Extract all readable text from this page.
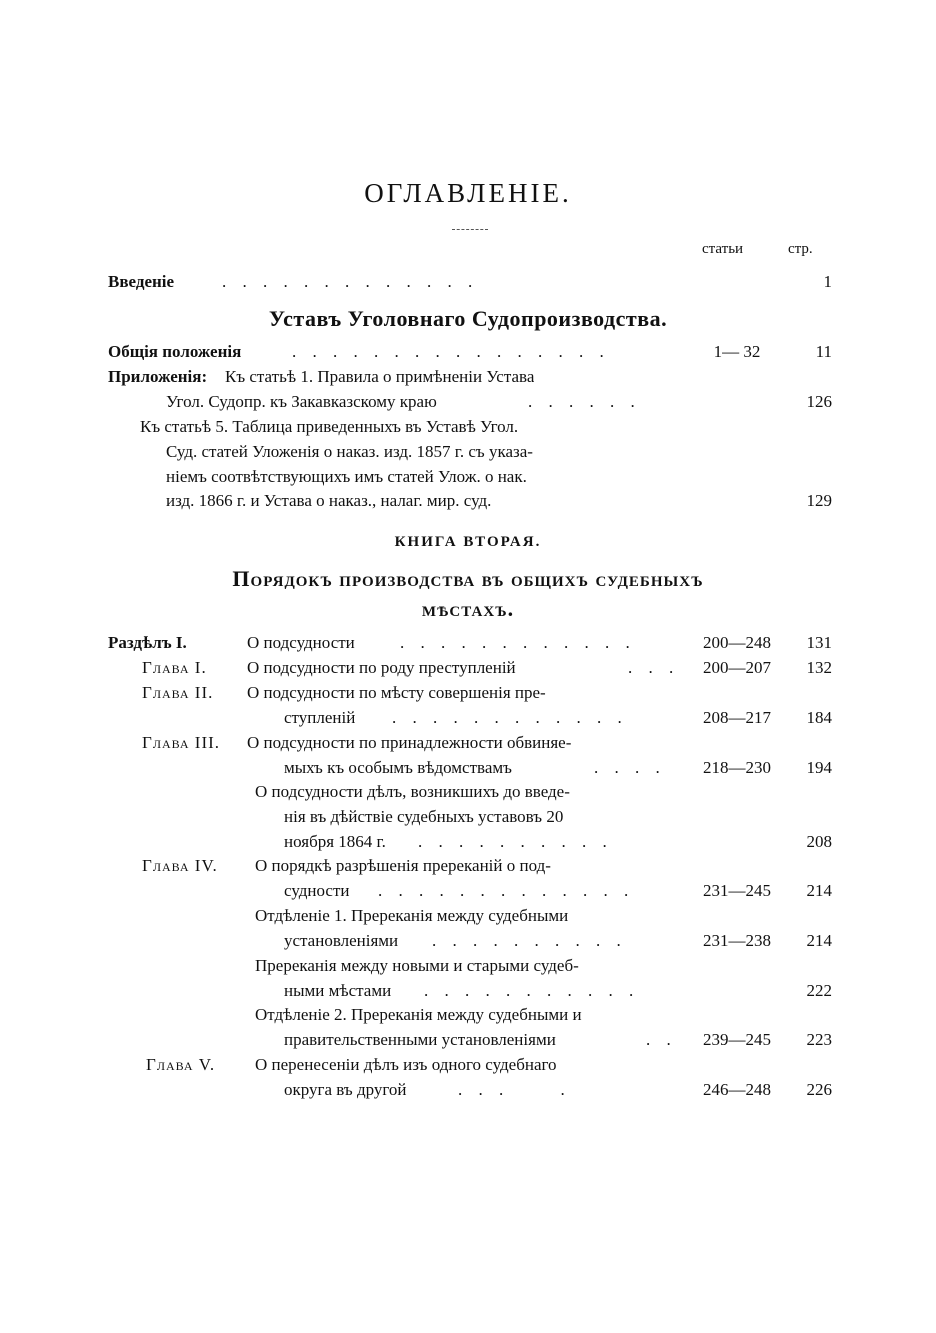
ОГЛАВЛЕНІЕ.
статьи	стр.
Введеніе	. . . . . . . . . . . . .	1
Уставъ Уголовнаго Судопроизводства.
Общія положенія	. . . . . . . . . . . . . . . .	1— 32	11
Приложенія: Къ статьѣ 1. Правила о примѣненіи Устава
Угол. Судопр. къ Закавказскому краю	. . . . . .	126
Къ статьѣ 5. Таблица приведенныхъ въ Уставѣ Угол.
Суд. статей Уложенія о наказ. изд. 1857 г. съ указа-
ніемъ соотвѣтствующихъ имъ статей Улож. о нак.
изд. 1866 г. и Устава о наказ., налаг. мир. суд.	129
КНИГА ВТОРАЯ.
Порядокъ производства въ общихъ судебныхъ
мѣстахъ.
Раздѣлъ I.	О подсудности	. . . . . . . . . . . .	200—248	131
Глава I. О подсудности по роду преступленій	. . .	200—207	132
Глава II. О подсудности по мѣсту совершенія пре-
ступленій . . . . . . . . . . . .	208—217	184
Глава III. О подсудности по принадлежности обвиняе-
мыхъ къ особымъ вѣдомствамъ	. . . .	218—230	194
О подсудности дѣлъ, возникшихъ до введе-
нія въ дѣйствіе судебныхъ уставовъ 20
ноября 1864 г. . . . . . . . . . .	208
Глава IV. О порядкѣ разрѣшенія пререканій о под-
судности . . . . . . . . . . . . .	231—245	214
Отдѣленіе 1. Пререканія между судебными
установленіями . . . . . . . . . .	231—238	214
Пререканія между новыми и старыми судеб-
ными мѣстами . . . . . . . . . . .	222
Отдѣленіе 2. Пререканія между судебными и
правительственными установленіями	. .	239—245	223
Глава V. О перенесеніи дѣлъ изъ одного судебнаго
округа въ другой	. . .     .	246—248	226
